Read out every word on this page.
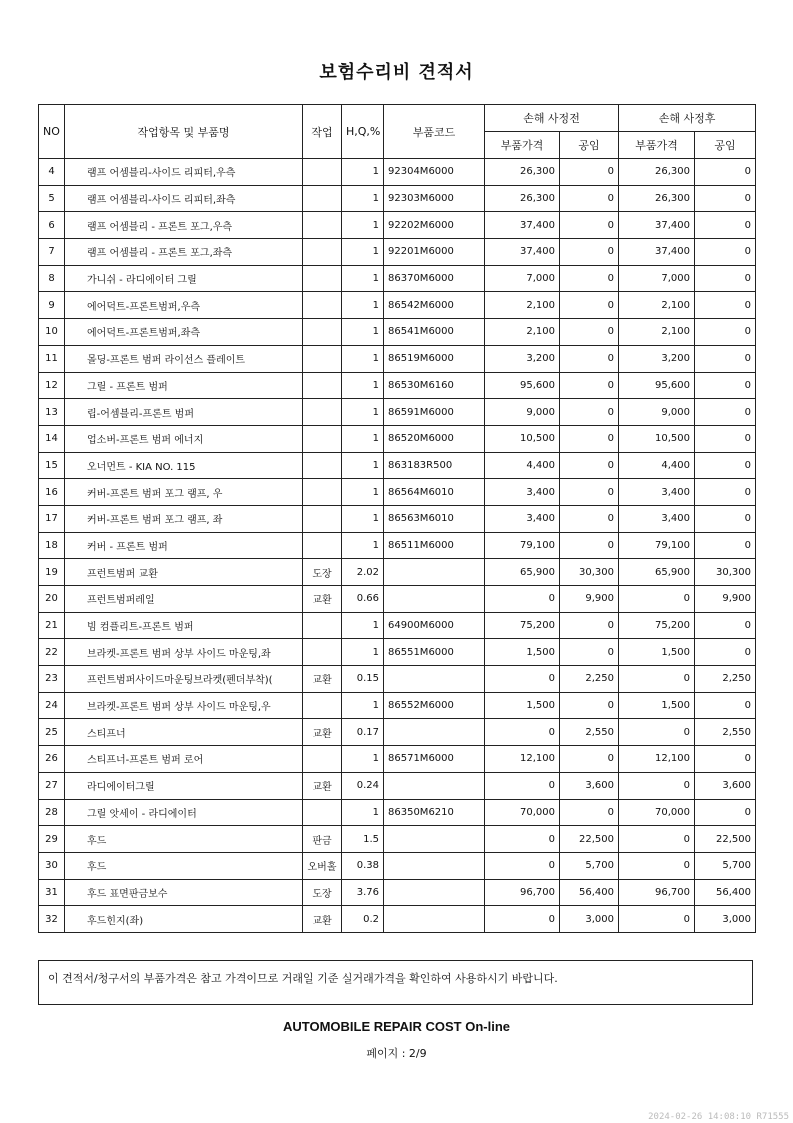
보험수리비 견적서
NO	작업항목 및 부품명	작업	H,Q,%	부품코드	손해 사정전		손해 사정후	
					부품가격	공임	부품가격	공임
4	램프 어셈블리-사이드 리피터,우측		1	92304M6000	26,300	0	26,300	0
5	램프 어셈블리-사이드 리피터,좌측		1	92303M6000	26,300	0	26,300	0
6	램프 어셈블리 - 프론트 포그,우측		1	92202M6000	37,400	0	37,400	0
7	램프 어셈블리 - 프론트 포그,좌측		1	92201M6000	37,400	0	37,400	0
8	가니쉬 - 라디에이터 그릴		1	86370M6000	7,000	0	7,000	0
9	에어덕트-프론트범퍼,우측		1	86542M6000	2,100	0	2,100	0
10	에어덕트-프론트범퍼,좌측		1	86541M6000	2,100	0	2,100	0
11	몰딩-프론트 범퍼 라이선스 플레이트		1	86519M6000	3,200	0	3,200	0
12	그릴 - 프론트 범퍼		1	86530M6160	95,600	0	95,600	0
13	립-어셈블리-프론트 범퍼		1	86591M6000	9,000	0	9,000	0
14	업소버-프론트 범퍼 에너지		1	86520M6000	10,500	0	10,500	0
15	오너먼트 - KIA NO. 115		1	863183R500	4,400	0	4,400	0
16	커버-프론트 범퍼 포그 램프, 우		1	86564M6010	3,400	0	3,400	0
17	커버-프론트 범퍼 포그 램프, 좌		1	86563M6010	3,400	0	3,400	0
18	커버 - 프론트 범퍼		1	86511M6000	79,100	0	79,100	0
19	프런트범퍼 교환	도장	2.02		65,900	30,300	65,900	30,300
20	프런트범퍼레일	교환	0.66		0	9,900	0	9,900
21	빔 컴플리트-프론트 범퍼		1	64900M6000	75,200	0	75,200	0
22	브라켓-프론트 범퍼 상부 사이드 마운팅,좌		1	86551M6000	1,500	0	1,500	0
23	프런트범퍼사이드마운팅브라켓(펜더부착)(	교환	0.15		0	2,250	0	2,250
24	브라켓-프론트 범퍼 상부 사이드 마운팅,우		1	86552M6000	1,500	0	1,500	0
25	스티프너	교환	0.17		0	2,550	0	2,550
26	스티프너-프론트 범퍼 로어		1	86571M6000	12,100	0	12,100	0
27	라디에이터그릴	교환	0.24		0	3,600	0	3,600
28	그릴 앗세이 - 라디에이터		1	86350M6210	70,000	0	70,000	0
29	후드	판금	1.5		0	22,500	0	22,500
30	후드	오버홀	0.38		0	5,700	0	5,700
31	후드 표면판금보수	도장	3.76		96,700	56,400	96,700	56,400
32	후드힌지(좌)	교환	0.2		0	3,000	0	3,000
이 견적서/청구서의 부품가격은 참고 가격이므로 거래일 기준 실거래가격을 확인하여 사용하시기 바랍니다.
AUTOMOBILE REPAIR COST On-line
페이지 : 2/9
2024-02-26 14:08:10 R71555
